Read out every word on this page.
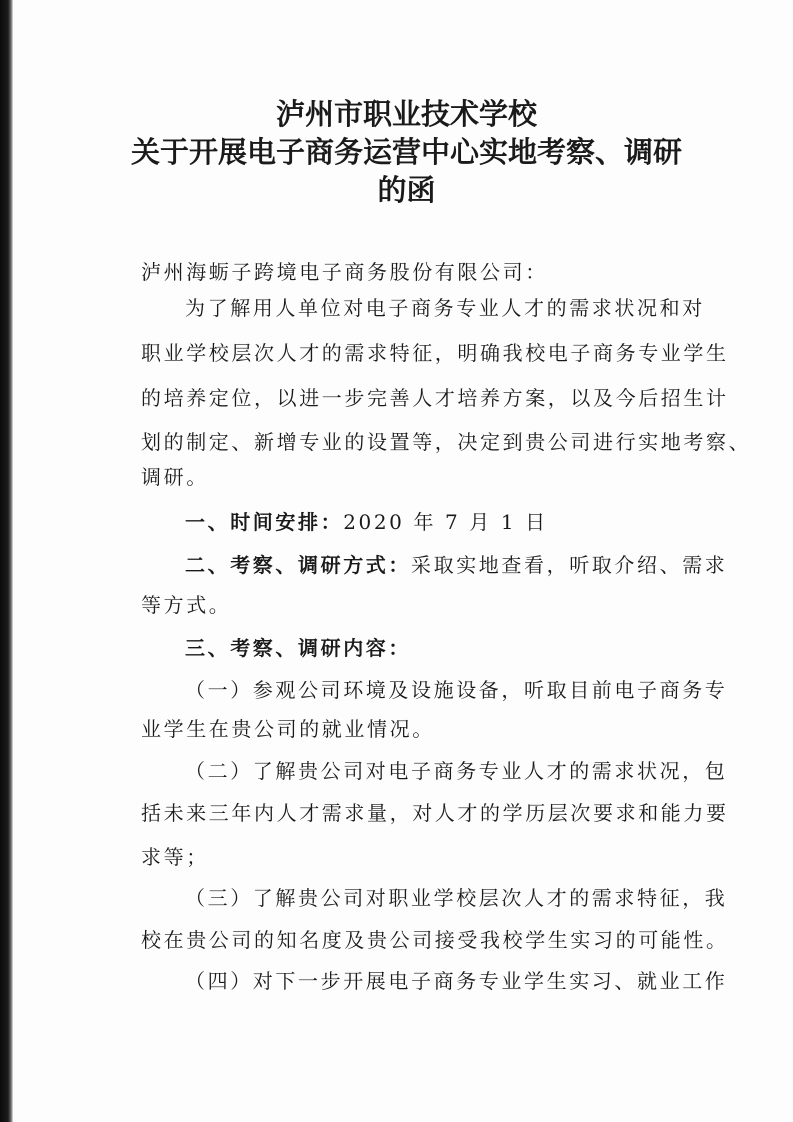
泸州市职业技术学校
关于开展电子商务运营中心实地考察、调研
的函
泸州海蛎子跨境电子商务股份有限公司：
为了解用人单位对电子商务专业人才的需求状况和对
职业学校层次人才的需求特征，明确我校电子商务专业学生
的培养定位，以进一步完善人才培养方案，以及今后招生计
划的制定、新增专业的设置等，决定到贵公司进行实地考察、
调研。
一、时间安排：2020 年 7 月 1 日
二、考察、调研方式：采取实地查看，听取介绍、需求
等方式。
三、考察、调研内容：
（一）参观公司环境及设施设备，听取目前电子商务专
业学生在贵公司的就业情况。
（二）了解贵公司对电子商务专业人才的需求状况，包
括未来三年内人才需求量，对人才的学历层次要求和能力要
求等；
（三）了解贵公司对职业学校层次人才的需求特征，我
校在贵公司的知名度及贵公司接受我校学生实习的可能性。
（四）对下一步开展电子商务专业学生实习、就业工作
